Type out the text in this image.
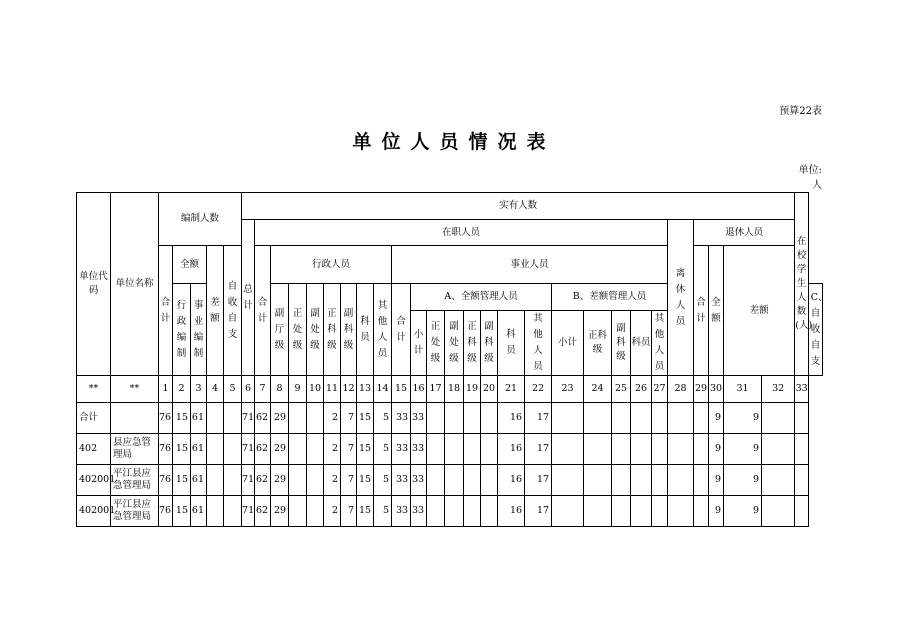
预算22表
单位人员情况表
单位:
人
单位代码	单位名称	编制人数					实有人数																											在校学生人数(人)	
							总计	在职人员																					离休人员	退休人员					
		合计	全额		差额	自收自支		合计	行政人员							事业人员														合计	全额	差额			
			行政编制	事业编制					副厅级	正处级	副处级	正科级	副科级	科员	其他人员	合计	A、全额管理人员							B、差额管理人员											C、自收自支
																	小计	正处级	副处级	正科级	副科级	科员	其他人员	小计	正科级	副科级	科员	其他人员							
**	**	1	2	3	4	5	6	7	8	9	10	11	12	13	14	15	16	17	18	19	20	21	22	23	24	25	26	27	28	29	30	31	32	33	
合计		76	15	61			71	62	29			2	7	15	5	33	33					16	17								9	9			
402	县应急管理局	76	15	61			71	62	29			2	7	15	5	33	33					16	17								9	9			
402001	平江县应急管理局	76	15	61			71	62	29			2	7	15	5	33	33					16	17								9	9			
402001	平江县应急管理局	76	15	61			71	62	29			2	7	15	5	33	33					16	17								9	9			
